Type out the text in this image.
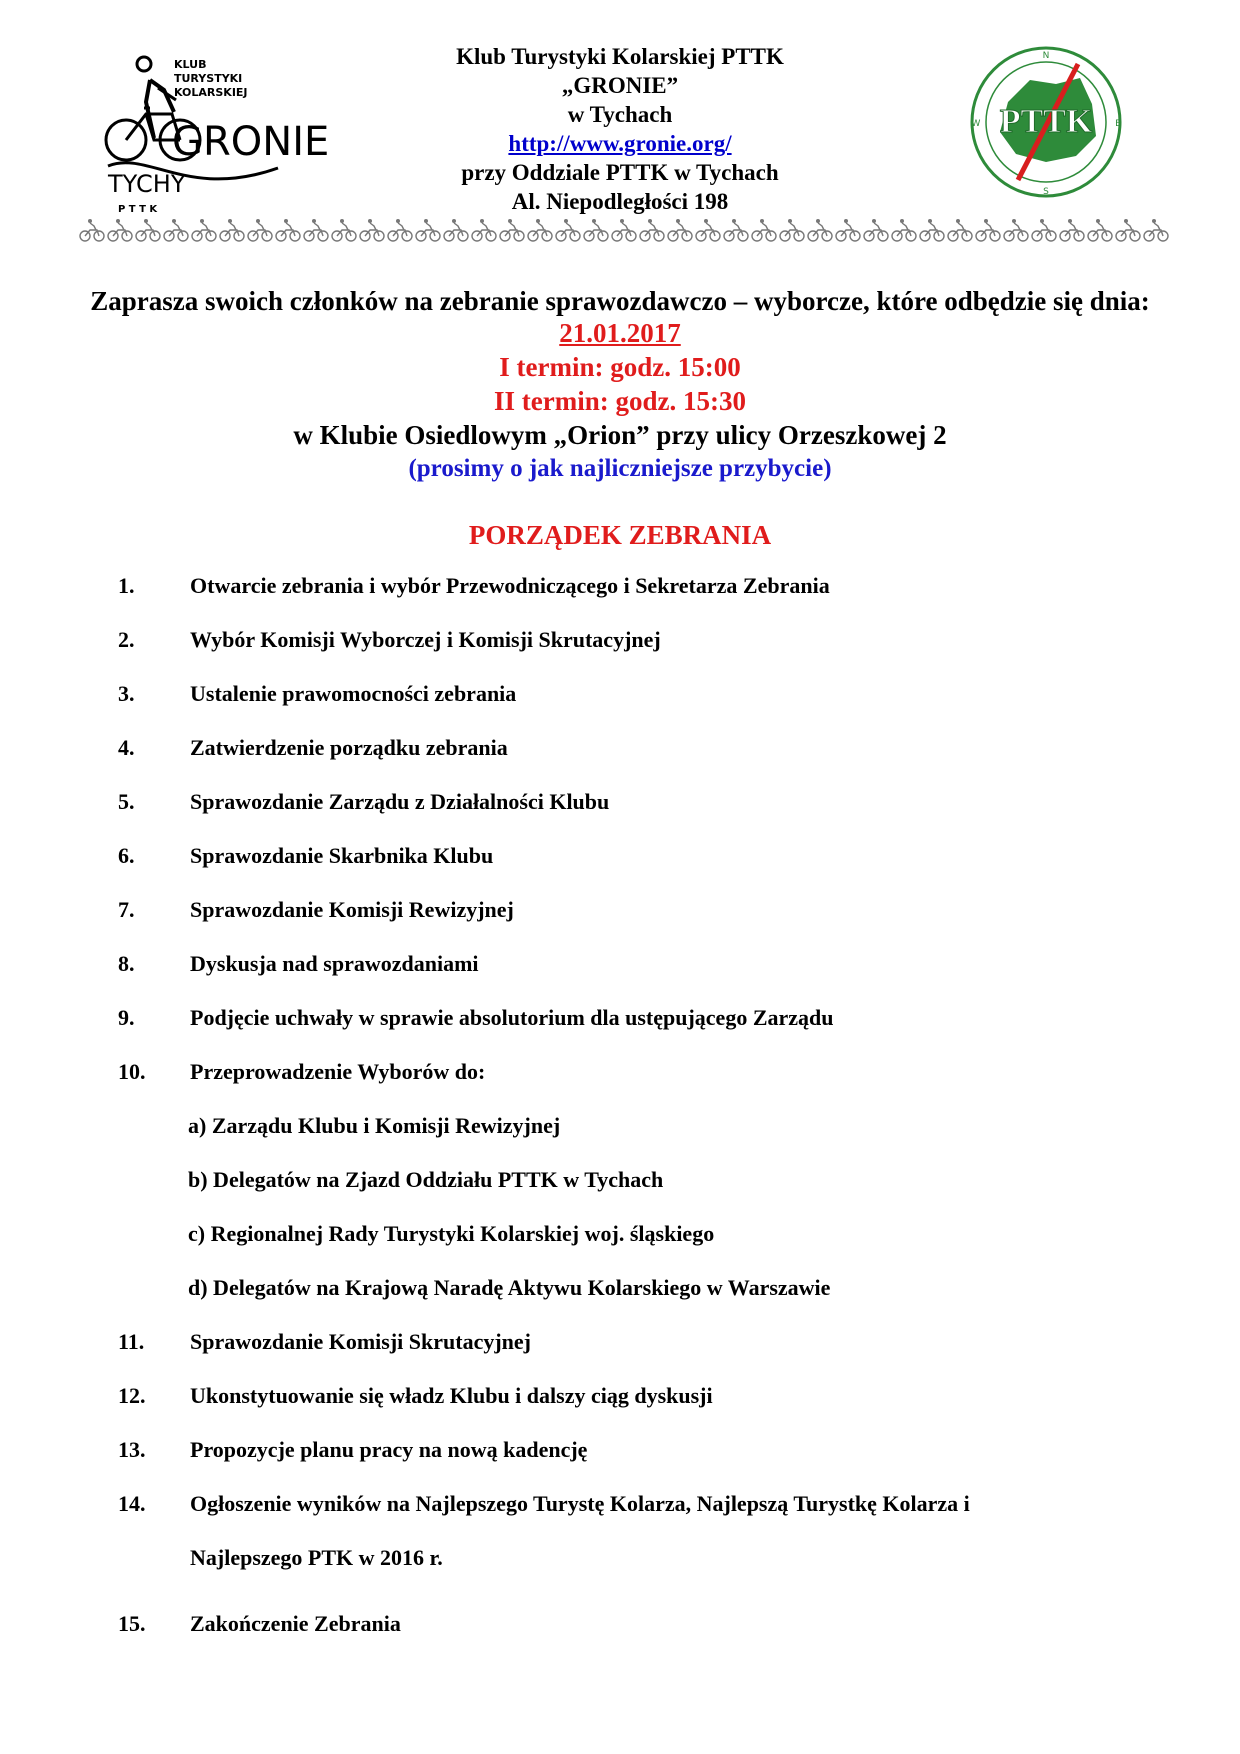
KLUB
TURYSTYKI
KOLARSKIEJ
GRONIE
TYCHY
P T T K
Klub Turystyki Kolarskiej PTTK
„GRONIE”
w Tychach
http://www.gronie.org/
przy Oddziale PTTK w Tychach
Al. Niepodległości 198
N
E
S
W PTTK
Zaprasza swoich członków na zebranie sprawozdawczo – wyborcze, które odbędzie się dnia:
21.01.2017
I termin: godz. 15:00
II termin: godz. 15:30
w Klubie Osiedlowym „Orion” przy ulicy Orzeszkowej 2
(prosimy o jak najliczniejsze przybycie)
PORZĄDEK ZEBRANIA
1.	Otwarcie zebrania i wybór Przewodniczącego i Sekretarza Zebrania
2.	Wybór Komisji Wyborczej i Komisji Skrutacyjnej
3.	Ustalenie prawomocności zebrania
4.	Zatwierdzenie porządku zebrania
5.	Sprawozdanie Zarządu z Działalności Klubu
6.	Sprawozdanie Skarbnika Klubu
7.	Sprawozdanie Komisji Rewizyjnej
8.	Dyskusja nad sprawozdaniami
9.	Podjęcie uchwały w sprawie absolutorium dla ustępującego Zarządu
10. Przeprowadzenie Wyborów do:
a) Zarządu Klubu i Komisji Rewizyjnej
b) Delegatów na Zjazd Oddziału PTTK w Tychach
c) Regionalnej Rady Turystyki Kolarskiej woj. śląskiego
d) Delegatów na Krajową Naradę Aktywu Kolarskiego w Warszawie
11. Sprawozdanie Komisji Skrutacyjnej
12. Ukonstytuowanie się władz Klubu i dalszy ciąg dyskusji
13. Propozycje planu pracy na nową kadencję
14. Ogłoszenie wyników na Najlepszego Turystę Kolarza, Najlepszą Turystkę Kolarza i
Najlepszego PTK w 2016 r.
15. Zakończenie Zebrania
